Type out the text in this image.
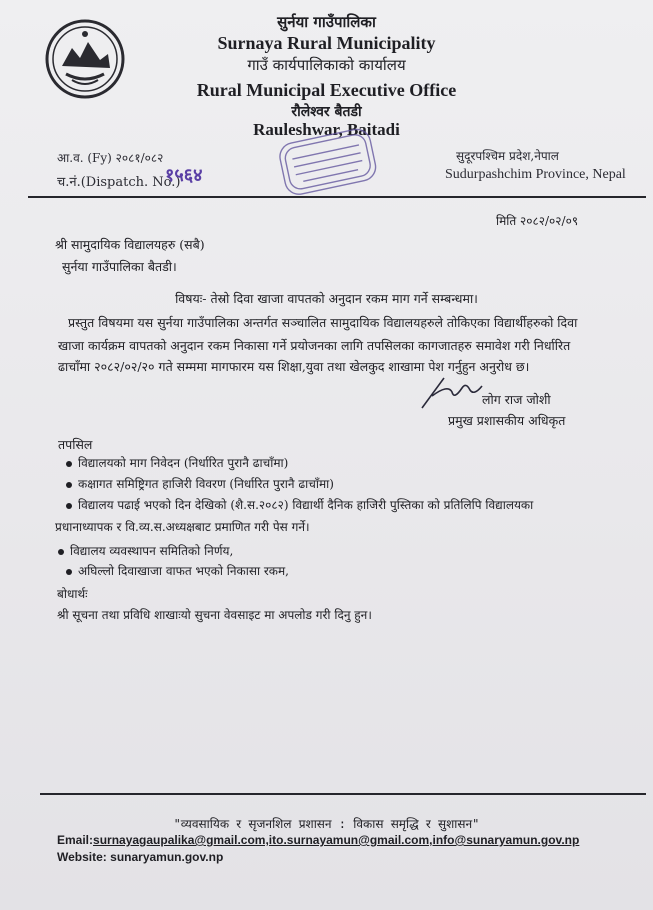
सुर्नया गाउँपालिका
Surnaya Rural Municipality
गाउँ कार्यपालिकाको कार्यालय
Rural Municipal Executive Office
रौलेश्वर बैतडी
Rauleshwar, Baitadi
आ.व. (Fy) २०८१/०८२
च.नं.(Dispatch. No.)
१५६४
सुदूरपश्चिम प्रदेश,नेपाल
Sudurpashchim Province, Nepal
मिति २०८२/०२/०९
श्री सामुदायिक विद्यालयहरु (सबै)
सुर्नया गाउँपालिका बैतडी।
विषयः- तेस्रो दिवा खाजा वापतको अनुदान रकम माग गर्ने सम्बन्धमा।
प्रस्तुत विषयमा यस सुर्नया गाउँपालिका अन्तर्गत सञ्चालित सामुदायिक विद्यालयहरुले तोकिएका विद्यार्थीहरुको दिवा
खाजा कार्यक्रम वापतको अनुदान रकम निकासा गर्ने प्रयोजनका लागि तपसिलका कागजातहरु समावेश गरी निर्धारित
ढाचाँमा २०८२/०२/२० गते सम्ममा मागफारम यस शिक्षा,युवा तथा खेलकुद शाखामा पेश गर्नुहुन अनुरोध छ।
लोग राज जोशी
प्रमुख प्रशासकीय अधिकृत
तपसिल
विद्यालयको माग निवेदन (निर्धारित पुरानै ढाचाँमा)
कक्षागत समिष्ट्रिगत हाजिरी विवरण (निर्धारित पुरानै ढाचाँमा)
विद्यालय पढाई भएको दिन देखिको (शै.स.२०८२) विद्यार्थी दैनिक हाजिरी पुस्तिका को प्रतिलिपि विद्यालयका
प्रधानाध्यापक र वि.व्य.स.अध्यक्षबाट प्रमाणित गरी पेस गर्ने।
विद्यालय व्यवस्थापन समितिको निर्णय,
अघिल्लो दिवाखाजा वाफत भएको निकासा रकम,
बोधार्थः
श्री सूचना तथा प्रविधि शाखाःयो सुचना वेवसाइट मा अपलोड गरी दिनु हुन।
"व्यवसायिक र सृजनशिल प्रशासन : विकास समृद्धि र सुशासन"
Email:surnayagaupalika@gmail.com,ito.surnayamun@gmail.com,info@sunaryamun.gov.np
Website: sunaryamun.gov.np
